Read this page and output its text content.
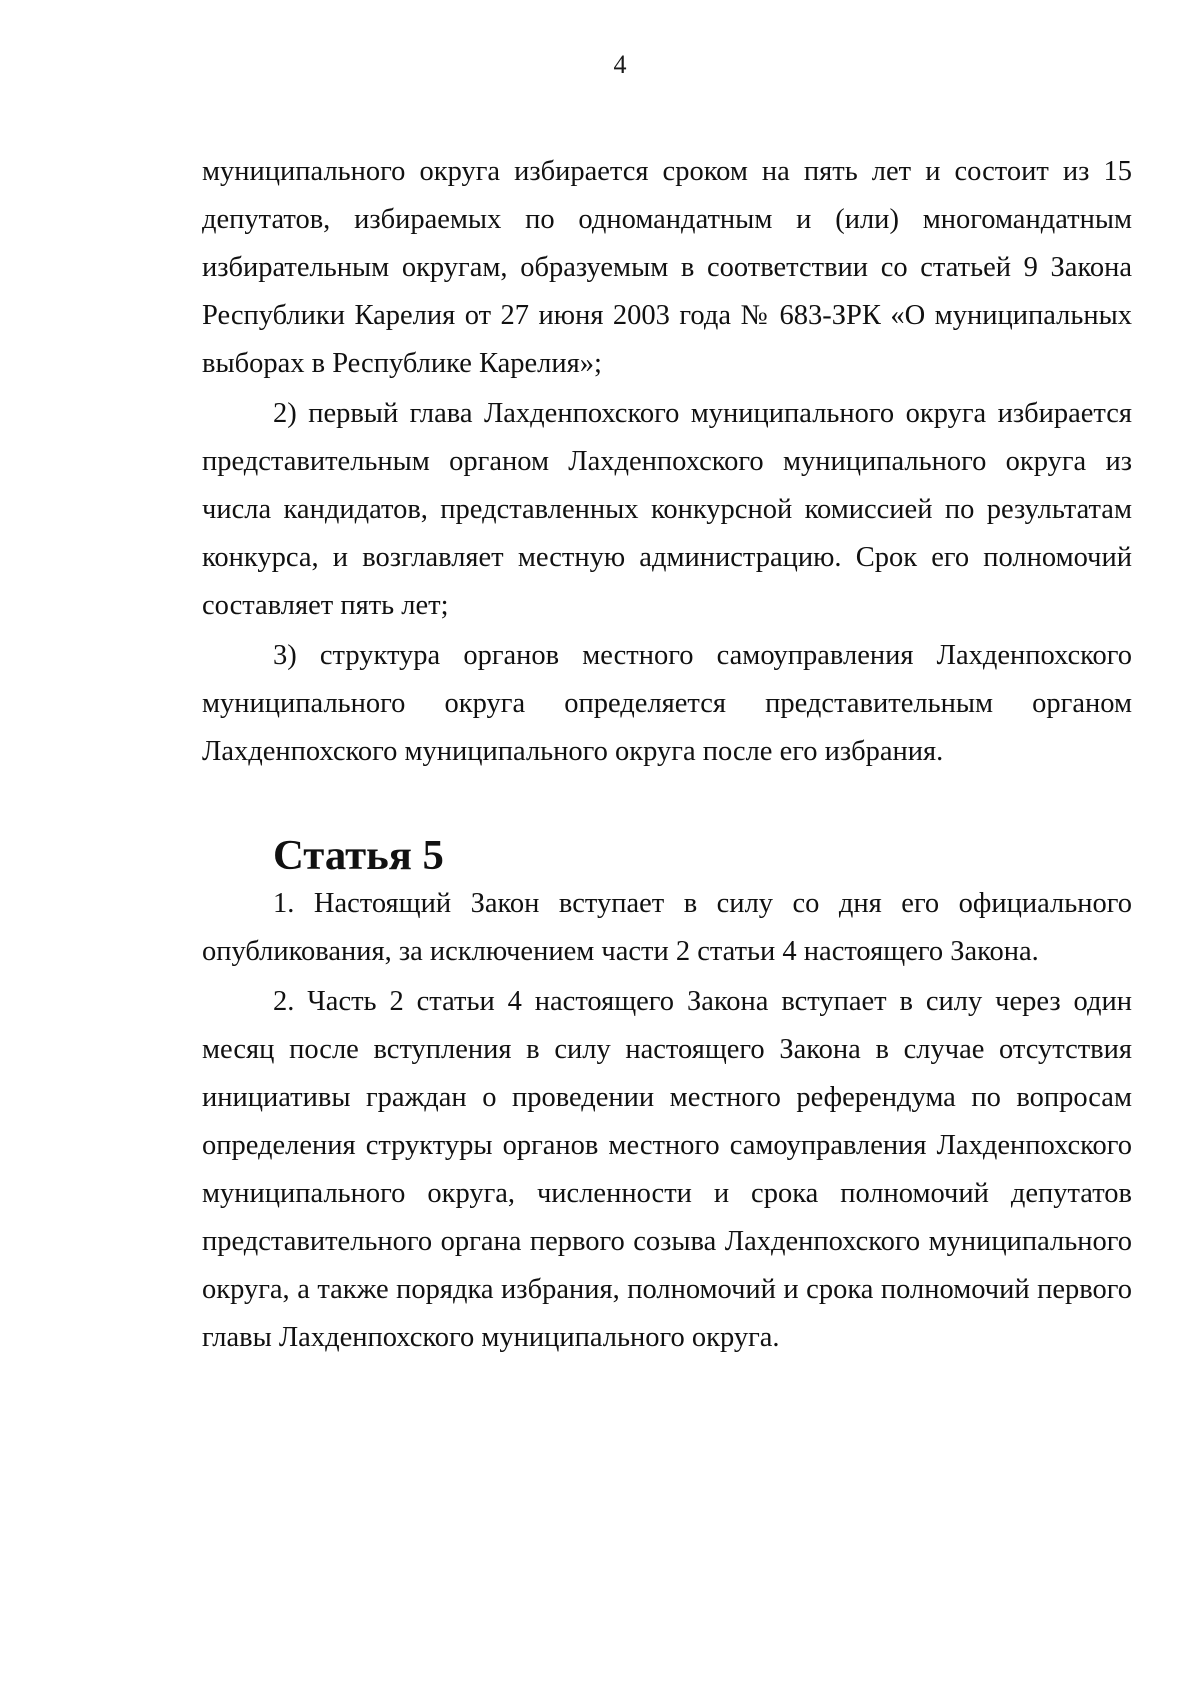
4

муниципального округа избирается сроком на пять лет и состоит из 15 депутатов, избираемых по одномандатным и (или) многомандатным избирательным округам, образуемым в соответствии со статьей 9 Закона Республики Карелия от 27 июня 2003 года № 683-ЗРК «О муниципальных выборах в Республике Карелия»;

2) первый глава Лахденпохского муниципального округа избирается представительным органом Лахденпохского муниципального округа из числа кандидатов, представленных конкурсной комиссией по результатам конкурса, и возглавляет местную администрацию. Срок его полномочий составляет пять лет;

3) структура органов местного самоуправления Лахденпохского муниципального округа определяется представительным органом Лахденпохского муниципального округа после его избрания.

Статья 5

1. Настоящий Закон вступает в силу со дня его официального опубликования, за исключением части 2 статьи 4 настоящего Закона.

2. Часть 2 статьи 4 настоящего Закона вступает в силу через один месяц после вступления в силу настоящего Закона в случае отсутствия инициативы граждан о проведении местного референдума по вопросам определения структуры органов местного самоуправления Лахденпохского муниципального округа, численности и срока полномочий депутатов представительного органа первого созыва Лахденпохского муниципального округа, а также порядка избрания, полномочий и срока полномочий первого главы Лахденпохского муниципального округа.
